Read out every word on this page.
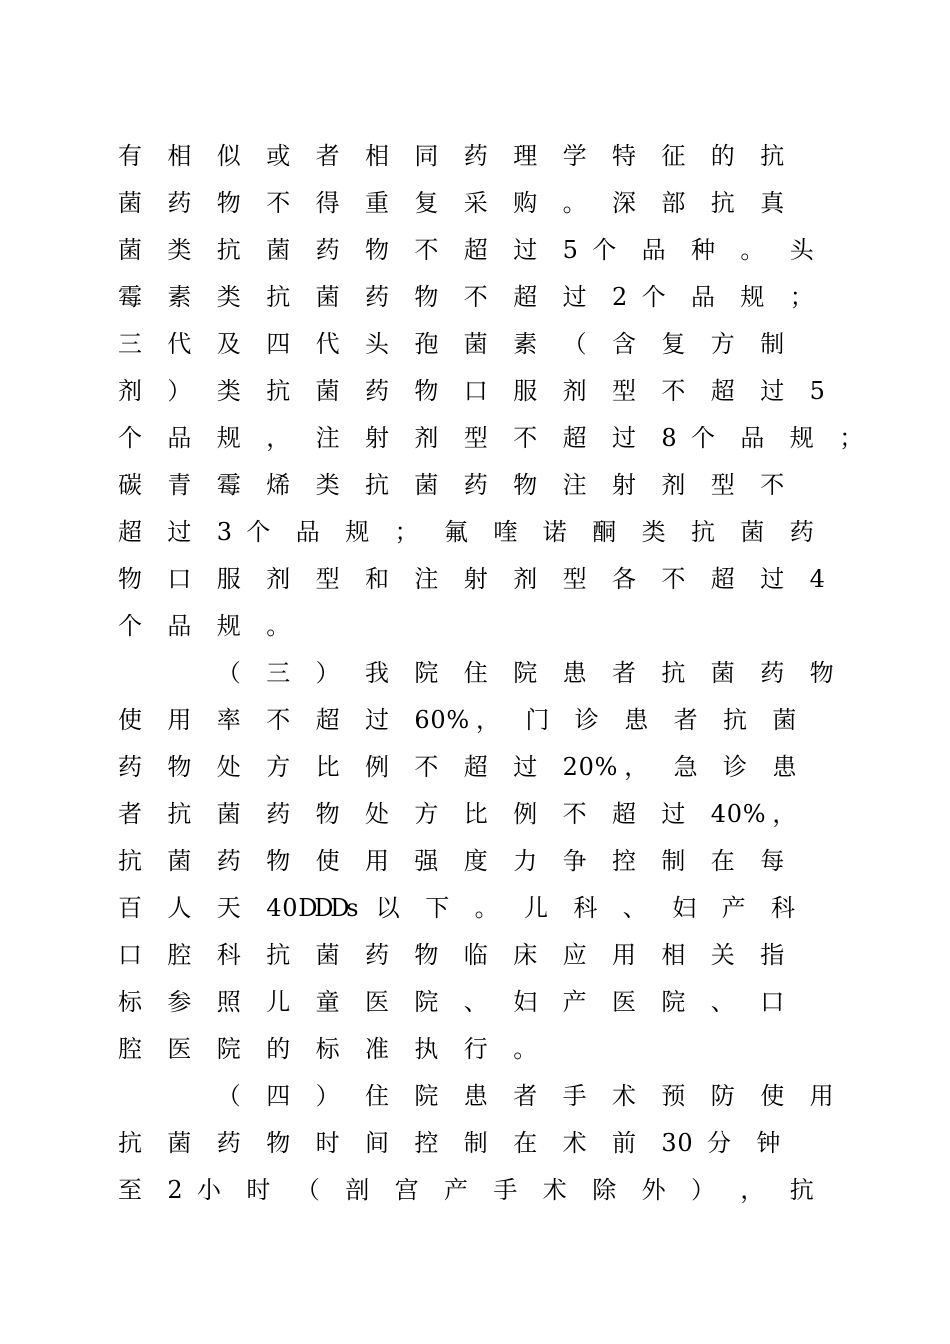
有 相 似 或 者 相 同 药 理 学 特 征 的 抗
菌 药 物 不 得 重 复 采 购 。 深 部 抗 真
菌 类 抗 菌 药 物 不 超 过 5 个 品 种 。 头
霉 素 类 抗 菌 药 物 不 超 过 2 个 品 规 ；
三 代 及 四 代 头 孢 菌 素 （ 含 复 方 制
剂 ） 类 抗 菌 药 物 口 服 剂 型 不 超 过 5
个 品 规 ， 注 射 剂 型 不 超 过 8 个 品 规 ；
碳 青 霉 烯 类 抗 菌 药 物 注 射 剂 型 不
超 过 3 个 品 规 ； 氟 喹 诺 酮 类 抗 菌 药
物 口 服 剂 型 和 注 射 剂 型 各 不 超 过 4
个 品 规 。
（ 三 ） 我 院 住 院 患 者 抗 菌 药 物
使 用 率 不 超 过 6 0 % ， 门 诊 患 者 抗 菌
药 物 处 方 比 例 不 超 过 2 0 % ， 急 诊 患
者 抗 菌 药 物 处 方 比 例 不 超 过 4 0 % ，
抗 菌 药 物 使 用 强 度 力 争 控 制 在 每
百 人 天 4 0 D
D
D
s 以 下 。 儿 科 、 妇 产 科
口 腔 科 抗 菌 药 物 临 床 应 用 相 关 指
标 参 照 儿 童 医 院 、 妇 产 医 院 、 口
腔 医 院 的 标 准 执 行 。
（ 四 ） 住 院 患 者 手 术 预 防 使 用
抗 菌 药 物 时 间 控 制 在 术 前 3 0 分 钟
至 2 小 时 （ 剖 宫 产 手 术 除 外 ） ， 抗
